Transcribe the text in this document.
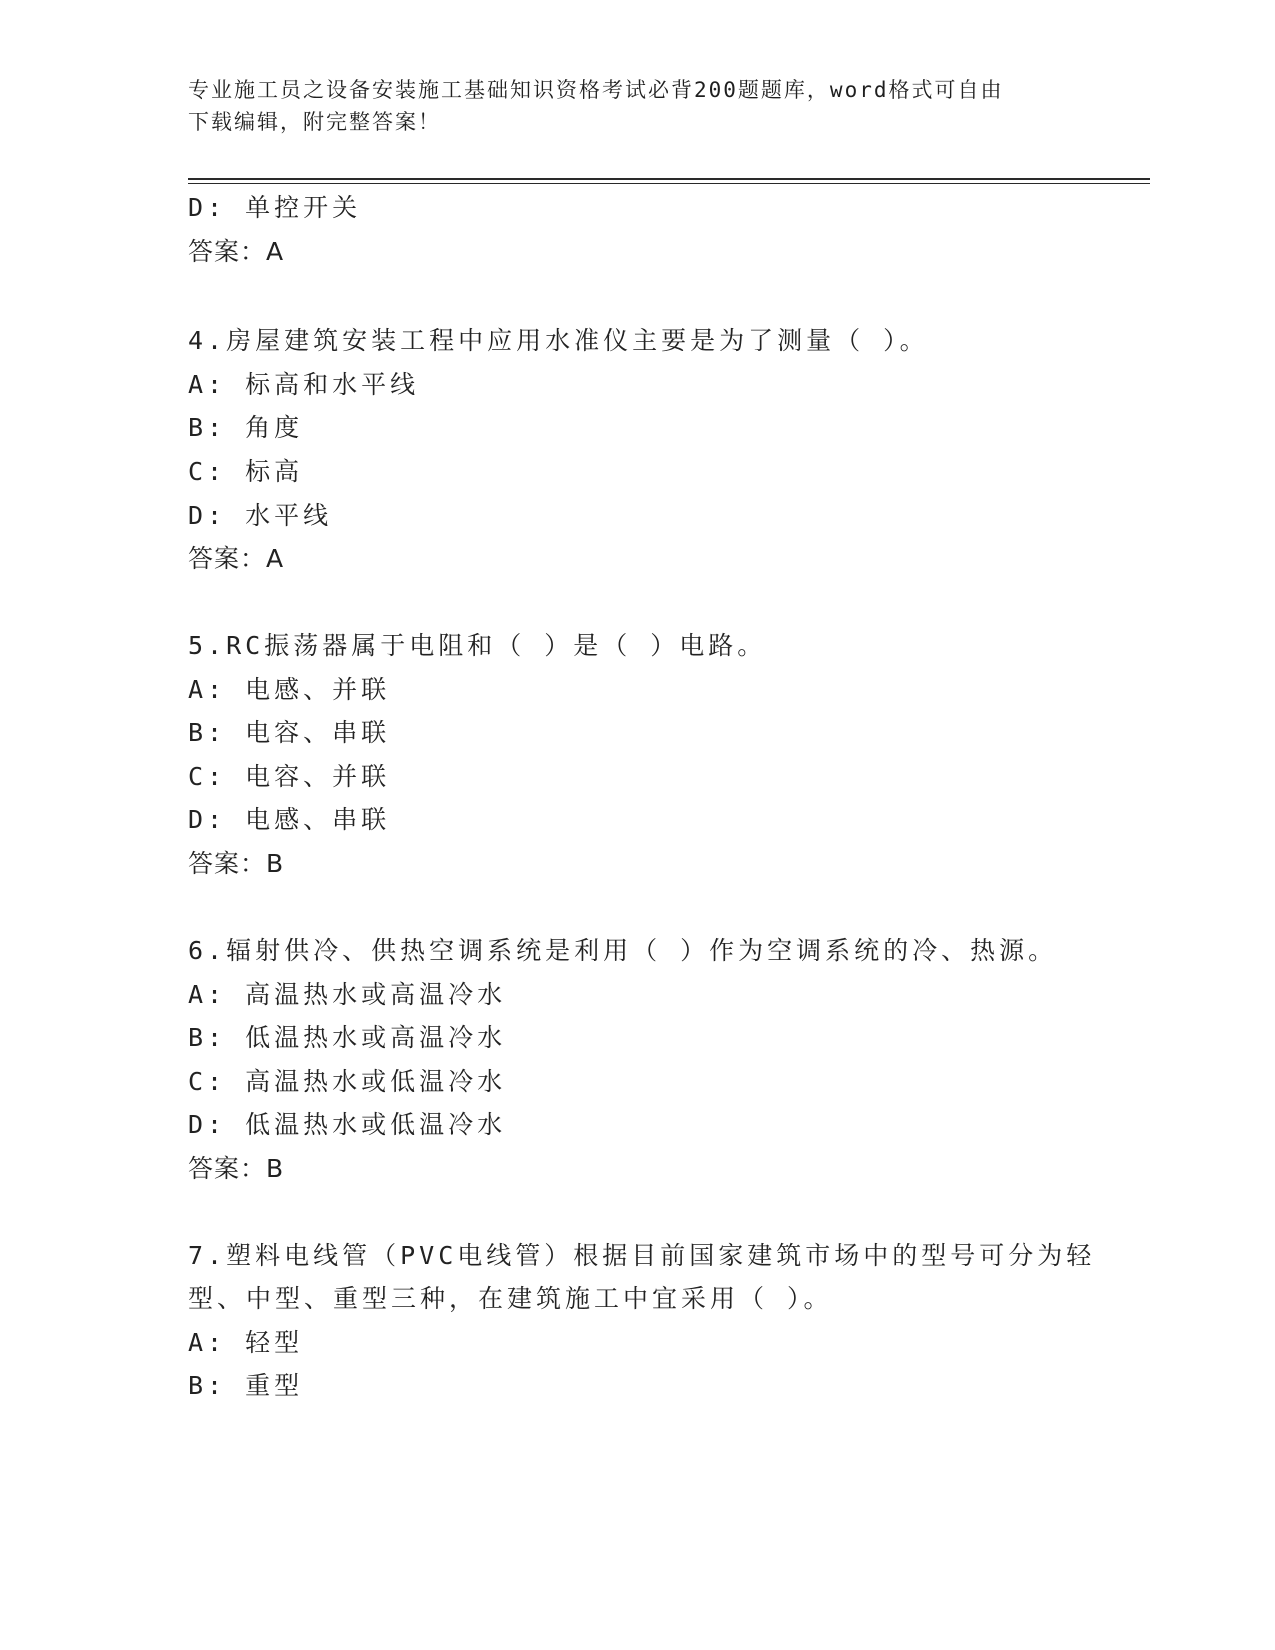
专业施工员之设备安装施工基础知识资格考试必背200题题库，word格式可自由
下载编辑，附完整答案！
D: 单控开关
答案：A
4.房屋建筑安装工程中应用水准仪主要是为了测量（ ）。
A: 标高和水平线
B: 角度
C: 标高
D: 水平线
答案：A
5.RC振荡器属于电阻和（ ）是（ ）电路。
A: 电感、并联
B: 电容、串联
C: 电容、并联
D: 电感、串联
答案：B
6.辐射供冷、供热空调系统是利用（ ）作为空调系统的冷、热源。
A: 高温热水或高温冷水
B: 低温热水或高温冷水
C: 高温热水或低温冷水
D: 低温热水或低温冷水
答案：B
7.塑料电线管（PVC电线管）根据目前国家建筑市场中的型号可分为轻
型、中型、重型三种，在建筑施工中宜采用（ ）。
A: 轻型
B: 重型
